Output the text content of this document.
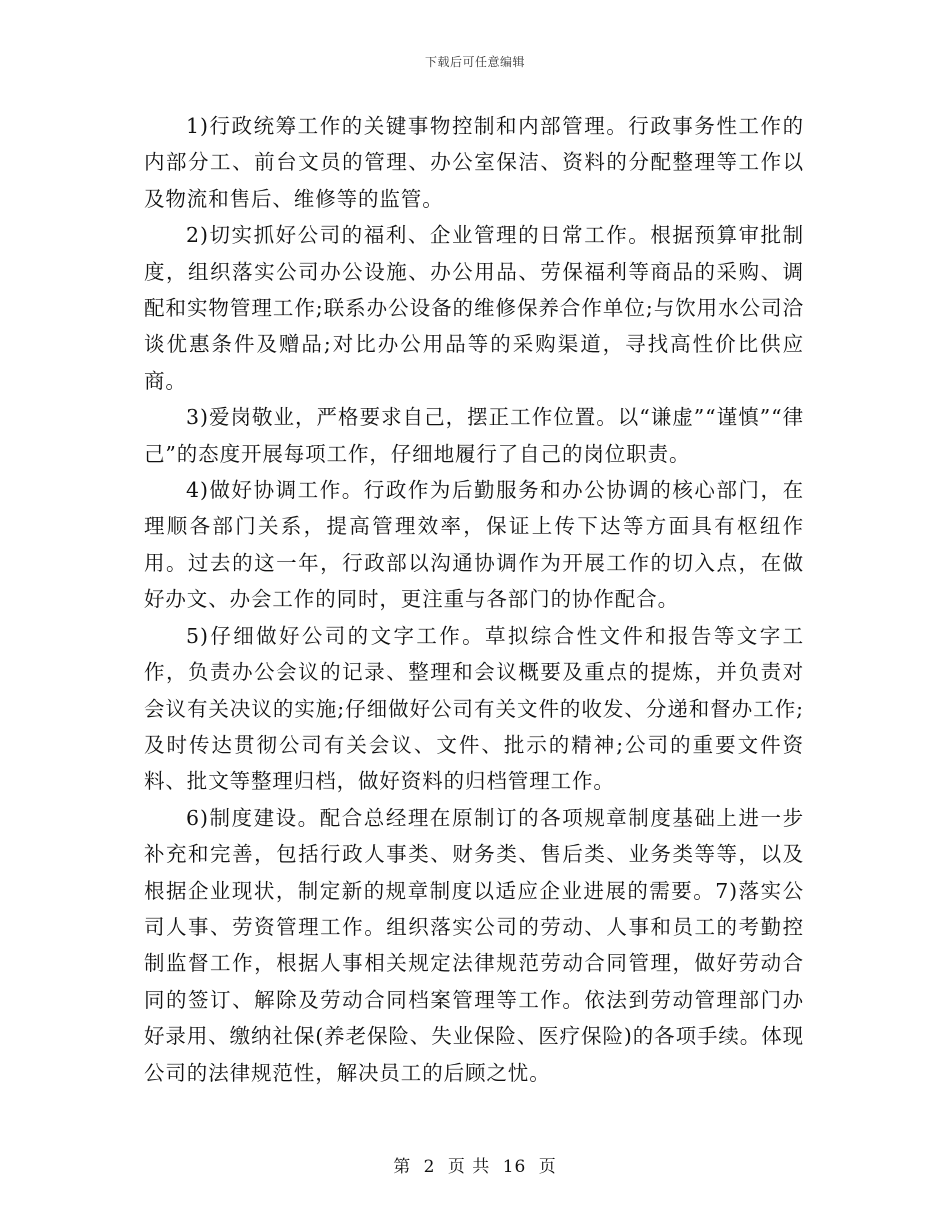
下载后可任意编辑

1)行政统筹工作的关键事物控制和内部管理。行政事务性工作的内部分工、前台文员的管理、办公室保洁、资料的分配整理等工作以及物流和售后、维修等的监管。

2)切实抓好公司的福利、企业管理的日常工作。根据预算审批制度，组织落实公司办公设施、办公用品、劳保福利等商品的采购、调配和实物管理工作;联系办公设备的维修保养合作单位;与饮用水公司洽谈优惠条件及赠品;对比办公用品等的采购渠道，寻找高性价比供应商。

3)爱岗敬业，严格要求自己，摆正工作位置。以“谦虚”“谨慎”“律己”的态度开展每项工作，仔细地履行了自己的岗位职责。

4)做好协调工作。行政作为后勤服务和办公协调的核心部门，在理顺各部门关系，提高管理效率，保证上传下达等方面具有枢纽作用。过去的这一年，行政部以沟通协调作为开展工作的切入点，在做好办文、办会工作的同时，更注重与各部门的协作配合。

5)仔细做好公司的文字工作。草拟综合性文件和报告等文字工作，负责办公会议的记录、整理和会议概要及重点的提炼，并负责对会议有关决议的实施;仔细做好公司有关文件的收发、分递和督办工作;及时传达贯彻公司有关会议、文件、批示的精神;公司的重要文件资料、批文等整理归档，做好资料的归档管理工作。

6)制度建设。配合总经理在原制订的各项规章制度基础上进一步补充和完善，包括行政人事类、财务类、售后类、业务类等等，以及根据企业现状，制定新的规章制度以适应企业进展的需要。7)落实公司人事、劳资管理工作。组织落实公司的劳动、人事和员工的考勤控制监督工作，根据人事相关规定法律规范劳动合同管理，做好劳动合同的签订、解除及劳动合同档案管理等工作。依法到劳动管理部门办好录用、缴纳社保(养老保险、失业保险、医疗保险)的各项手续。体现公司的法律规范性，解决员工的后顾之忧。

第 2 页 共 16 页
